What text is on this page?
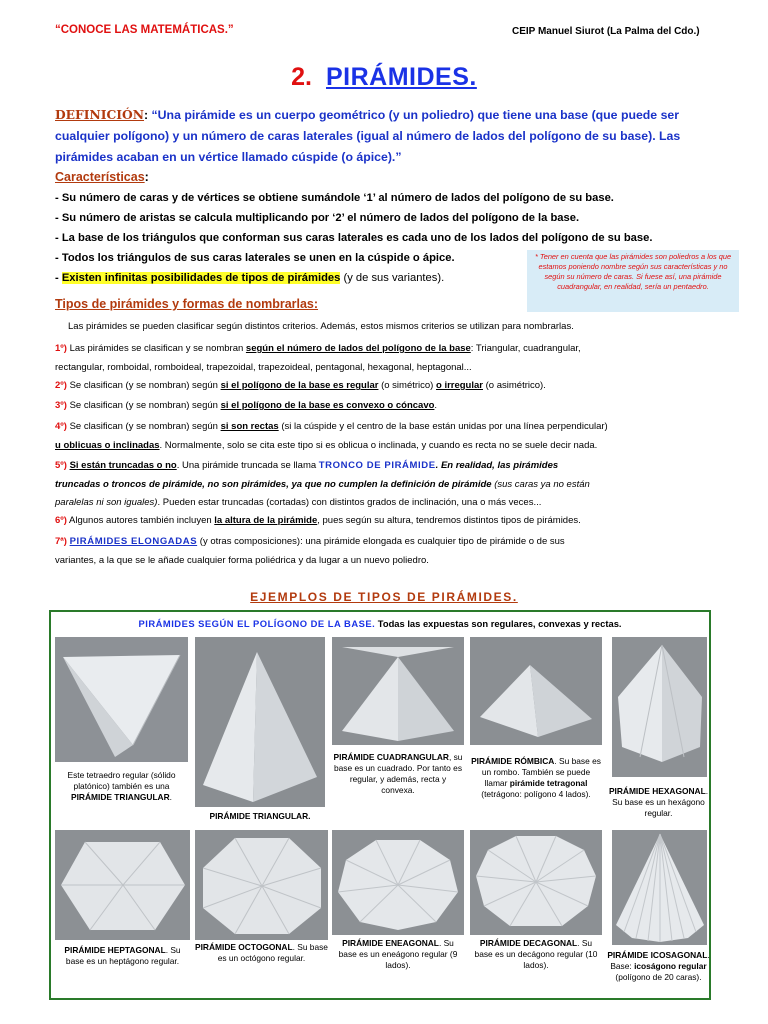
“CONOCE LAS MATEMÁTICAS.”	CEIP Manuel Siurot (La Palma del Cdo.)
2. PIRÁMIDES.
DEFINICIÓN: “Una pirámide es un cuerpo geométrico (y un poliedro) que tiene una base (que puede ser
cualquier polígono) y un número de caras laterales (igual al número de lados del polígono de su base). Las
pirámides acaban en un vértice llamado cúspide (o ápice).”
Características:
- Su número de caras y de vértices se obtiene sumándole ‘1’ al número de lados del polígono de su base.
- Su número de aristas se calcula multiplicando por ‘2’ el número de lados del polígono de la base.
- La base de los triángulos que conforman sus caras laterales es cada uno de los lados del polígono de su base.
- Todos los triángulos de sus caras laterales se unen en la cúspide o ápice.
- Existen infinitas posibilidades de tipos de pirámides (y de sus variantes).
* Tener en cuenta que las pirámides son poliedros a los que estamos poniendo nombre según sus características y no según su número de caras. Si fuese así, una pirámide cuadrangular, en realidad, sería un pentaedro.
Tipos de pirámides y formas de nombrarlas:
Las pirámides se pueden clasificar según distintos criterios. Además, estos mismos criterios se utilizan para nombrarlas.
1º) Las pirámides se clasifican y se nombran según el número de lados del polígono de la base: Triangular, cuadrangular,
rectangular, romboidal, romboideal, trapezoidal, trapezoideal, pentagonal, hexagonal, heptagonal...
2º) Se clasifican (y se nombran) según si el polígono de la base es regular (o simétrico) o irregular (o asimétrico).
3º) Se clasifican (y se nombran) según si el polígono de la base es convexo o cóncavo.
4º) Se clasifican (y se nombran) según si son rectas (si la cúspide y el centro de la base están unidas por una línea perpendicular)
u oblicuas o inclinadas. Normalmente, solo se cita este tipo si es oblicua o inclinada, y cuando es recta no se suele decir nada.
5º) Si están truncadas o no. Una pirámide truncada se llama TRONCO DE PIRÁMIDE. En realidad, las pirámides
truncadas o troncos de pirámide, no son pirámides, ya que no cumplen la definición de pirámide (sus caras ya no están
paralelas ni son iguales). Pueden estar truncadas (cortadas) con distintos grados de inclinación, una o más veces...
6º) Algunos autores también incluyen la altura de la pirámide, pues según su altura, tendremos distintos tipos de pirámides.
7ª) PIRÁMIDES ELONGADAS (y otras composiciones): una pirámide elongada es cualquier tipo de pirámide o de sus
variantes, a la que se le añade cualquier forma poliédrica y da lugar a un nuevo poliedro.
EJEMPLOS DE TIPOS DE PIRÁMIDES.
PIRÁMIDES SEGÚN EL POLÍGONO DE LA BASE. Todas las expuestas son regulares, convexas y rectas.
Este tetraedro regular (sólido platónico) también es una PIRÁMIDE TRIANGULAR.
PIRÁMIDE TRIANGULAR.
PIRÁMIDE CUADRANGULAR, su base es un cuadrado. Por tanto es regular, y además, recta y convexa.
PIRÁMIDE RÓMBICA. Su base es un rombo. También se puede llamar pirámide tetragonal (tetrágono: polígono 4 lados).	PIRÁMIDE HEXAGONAL. Su base es un hexágono regular.
PIRÁMIDE HEPTAGONAL. Su base es un heptágono regular.
PIRÁMIDE OCTOGONAL. Su base es un octógono regular.
PIRÁMIDE ENEAGONAL. Su base es un eneágono regular (9 lados).
PIRÁMIDE DECAGONAL. Su base es un decágono regular (10 lados).
PIRÁMIDE ICOSAGONAL. Base: icoságono regular (polígono de 20 caras).
